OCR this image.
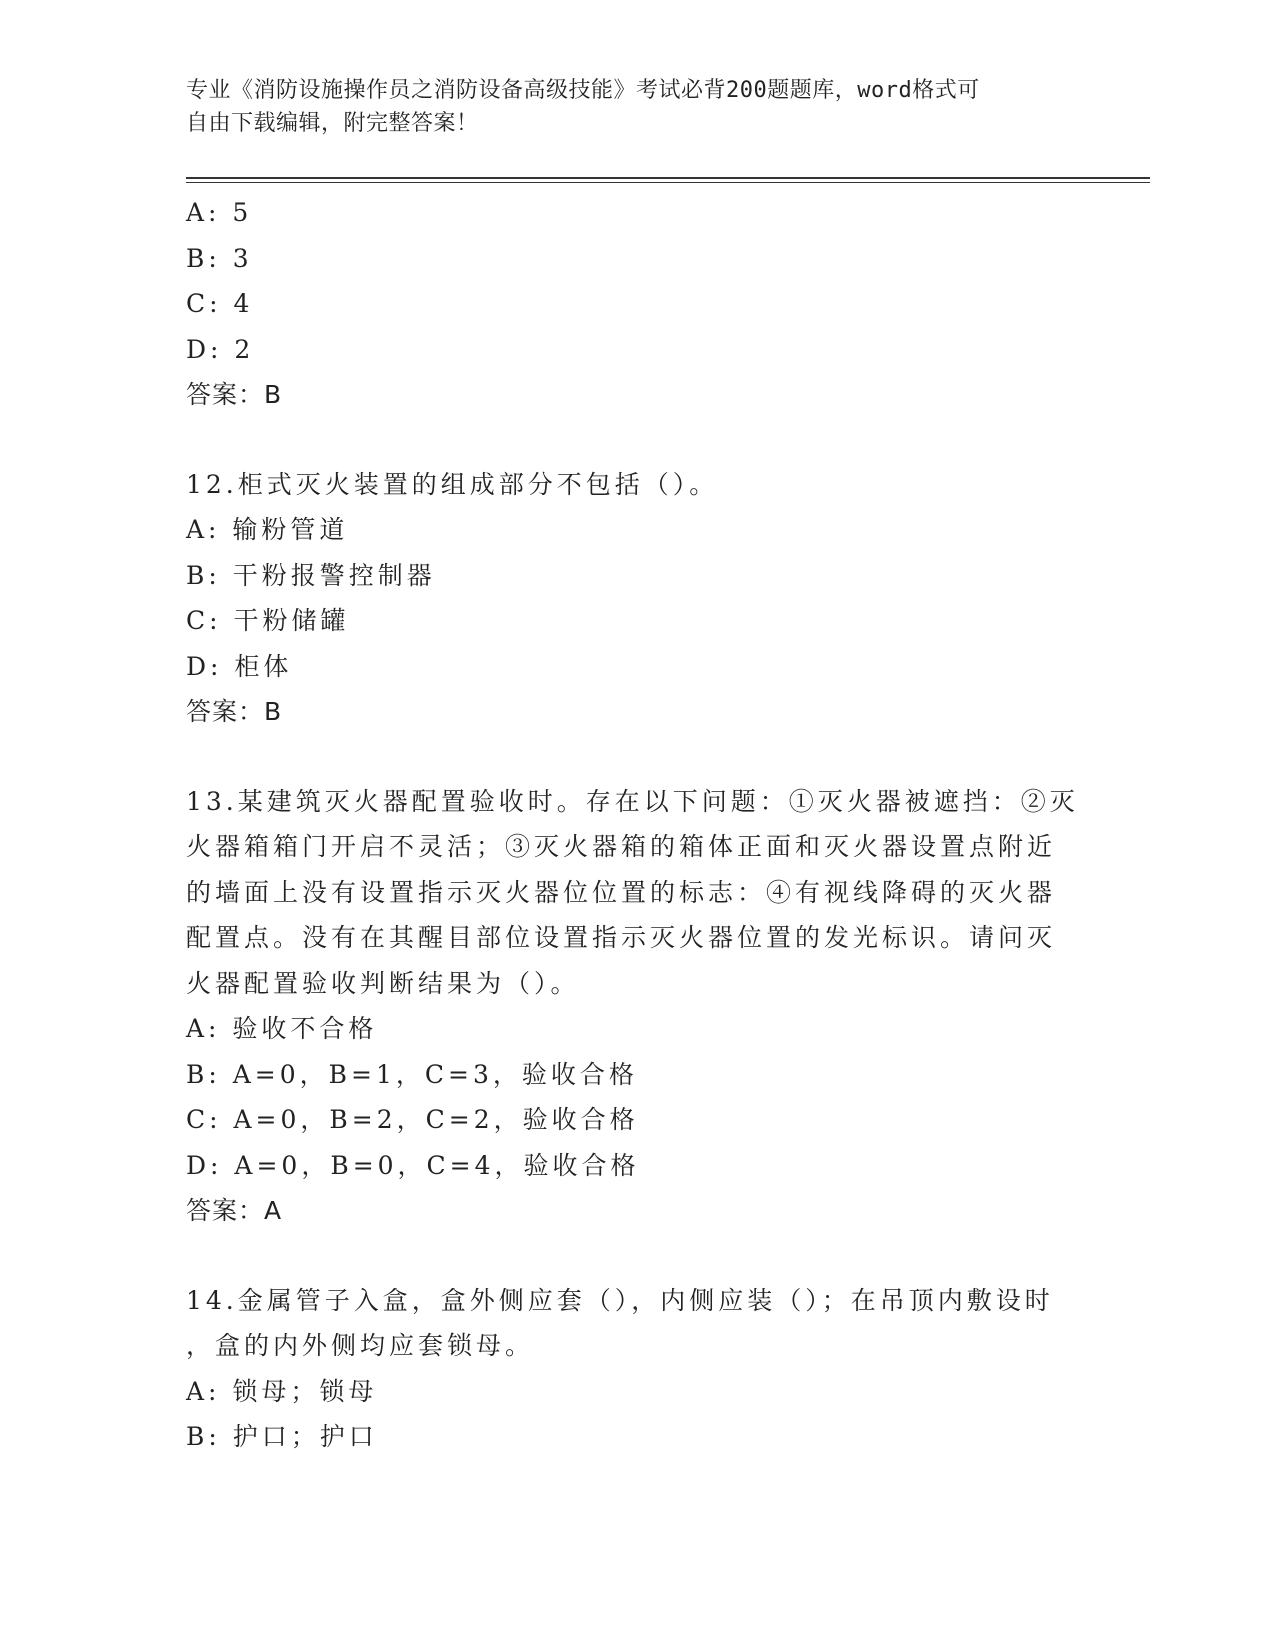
专业《消防设施操作员之消防设备高级技能》考试必背200题题库，word格式可
自由下载编辑，附完整答案！
A: 5
B: 3
C: 4
D: 2
答案：B
12.柜式灭火装置的组成部分不包括（）。
A: 输粉管道
B: 干粉报警控制器
C: 干粉储罐
D: 柜体
答案：B
13.某建筑灭火器配置验收时。存在以下问题：①灭火器被遮挡：②灭
火器箱箱门开启不灵活；③灭火器箱的箱体正面和灭火器设置点附近
的墙面上没有设置指示灭火器位位置的标志：④有视线降碍的灭火器
配置点。没有在其醒目部位设置指示灭火器位置的发光标识。请问灭
火器配置验收判断结果为（）。
A: 验收不合格
B: A=0，B=1，C=3，验收合格
C: A=0，B=2，C=2，验收合格
D: A=0，B=0，C=4，验收合格
答案：A
14.金属管子入盒，盒外侧应套（），内侧应装（）；在吊顶内敷设时
，盒的内外侧均应套锁母。
A: 锁母；锁母
B: 护口；护口
